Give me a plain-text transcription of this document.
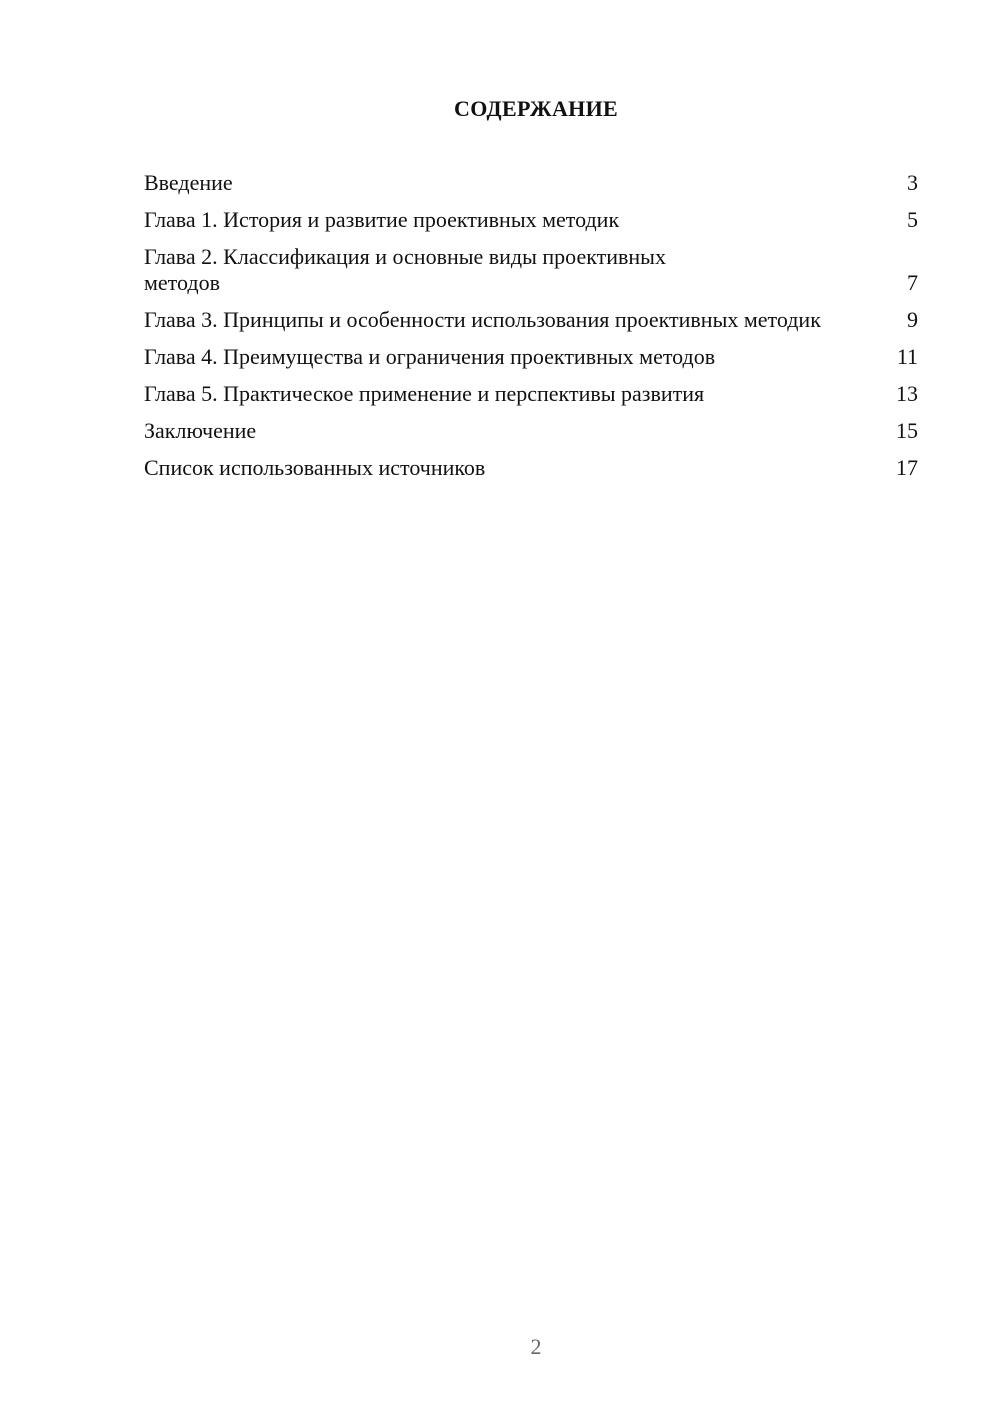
СОДЕРЖАНИЕ
Введение	3
Глава 1. История и развитие проективных методик	5
Глава 2. Классификация и основные виды проективных методов	7
Глава 3. Принципы и особенности использования проективных методик	9
Глава 4. Преимущества и ограничения проективных методов	11
Глава 5. Практическое применение и перспективы развития	13
Заключение	15
Список использованных источников	17
2
